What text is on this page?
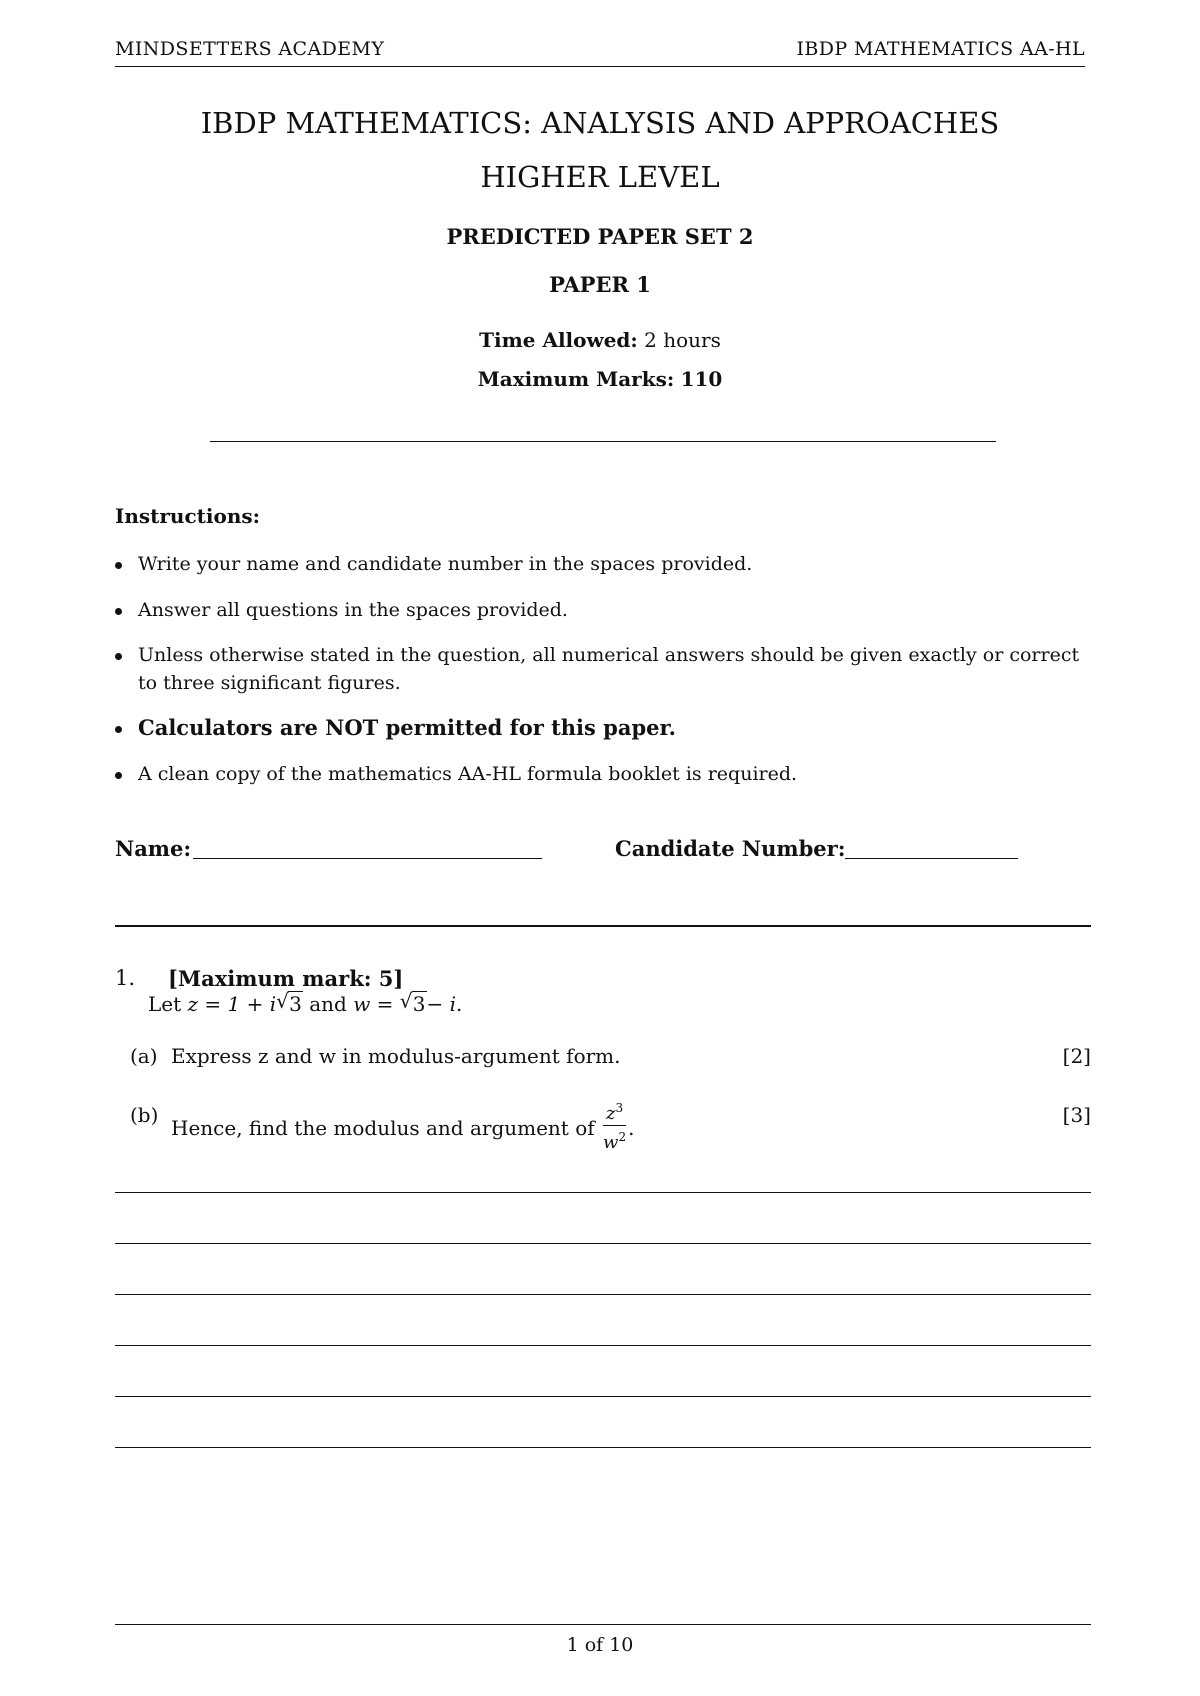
MINDSETTERS ACADEMY	IBDP MATHEMATICS AA-HL
IBDP MATHEMATICS: ANALYSIS AND APPROACHES
HIGHER LEVEL
PREDICTED PAPER SET 2
PAPER 1
Time Allowed: 2 hours
Maximum Marks: 110
Instructions:
Write your name and candidate number in the spaces provided.
Answer all questions in the spaces provided.
Unless otherwise stated in the question, all numerical answers should be given exactly or correct to three significant figures.
Calculators are NOT permitted for this paper.
A clean copy of the mathematics AA-HL formula booklet is required.
Name:	Candidate Number:
1. [Maximum mark: 5]
Let z = 1 + i √ 3 and w = √ 3− i.
(a) Express z and w in modulus-argument form.	[2]
(b)
Hence, find the modulus and argument of $\frac{z^3}{w^2}$ .
[3]
1 of 10
